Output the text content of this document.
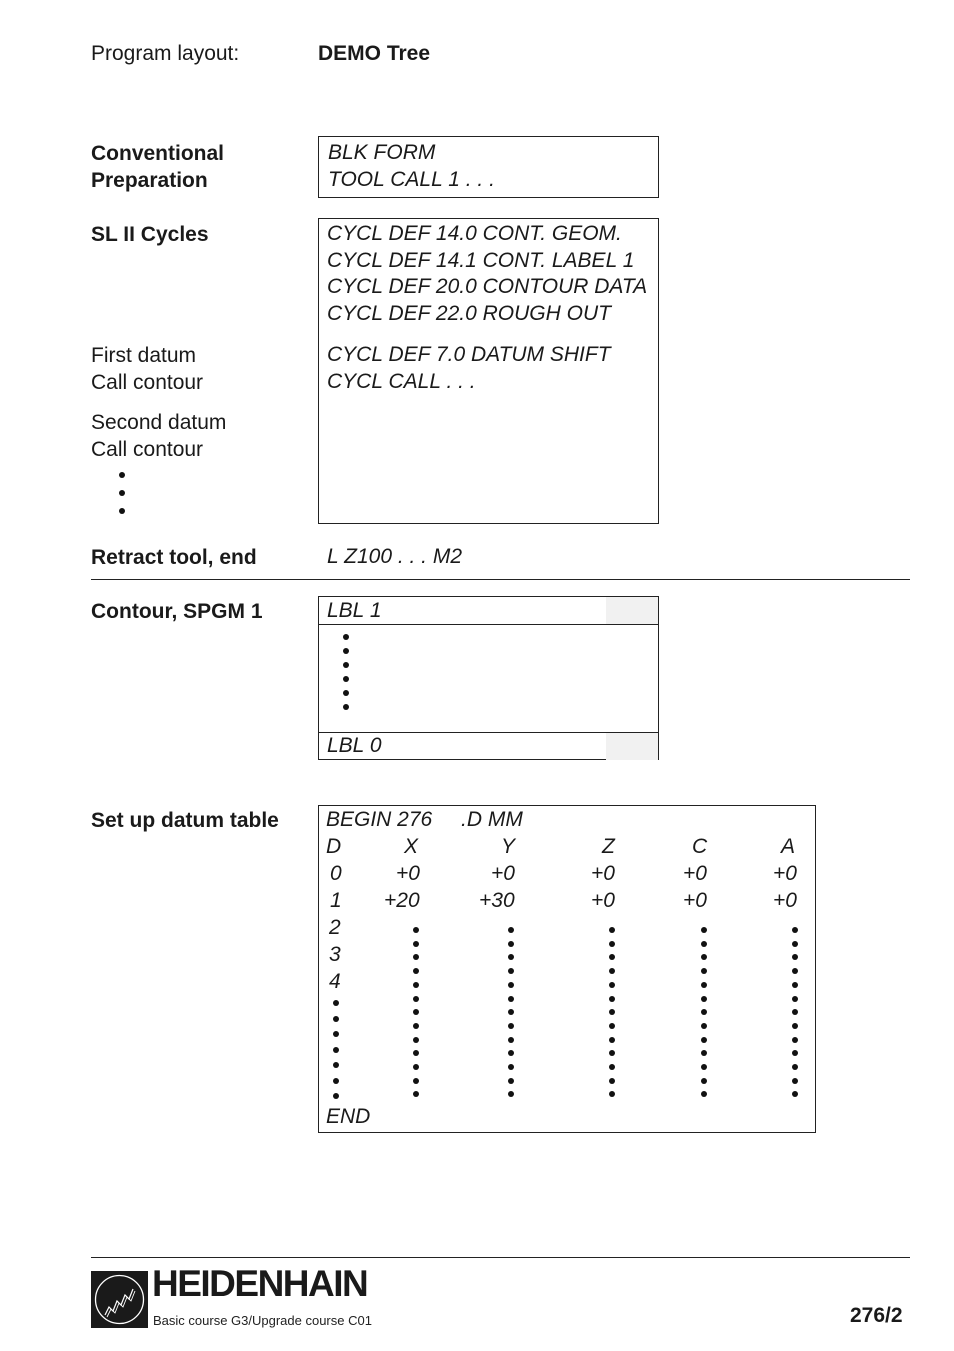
Program layout:	DEMO Tree
Conventional
Preparation
BLK FORM
TOOL CALL 1 . . .
SL II Cycles	CYCL DEF 14.0 CONT. GEOM.
CYCL DEF 14.1 CONT. LABEL 1
CYCL DEF 20.0 CONTOUR DATA
CYCL DEF 22.0 ROUGH OUT
First datum
Call contour
CYCL DEF 7.0 DATUM SHIFT
CYCL CALL . . .
Second datum
Call contour
Retract tool, end	L Z100 . . . M2
Contour, SPGM 1	LBL 1
LBL 0
Set up datum table BEGIN 276 .D MM
D	X	Y	Z	C	A
0	+0	+0	+0	+0	+0
1 +20	+30	+0	+0	+0
2
3
4
END
HEIDENHAIN
Basic course G3/Upgrade course C01	276/2
